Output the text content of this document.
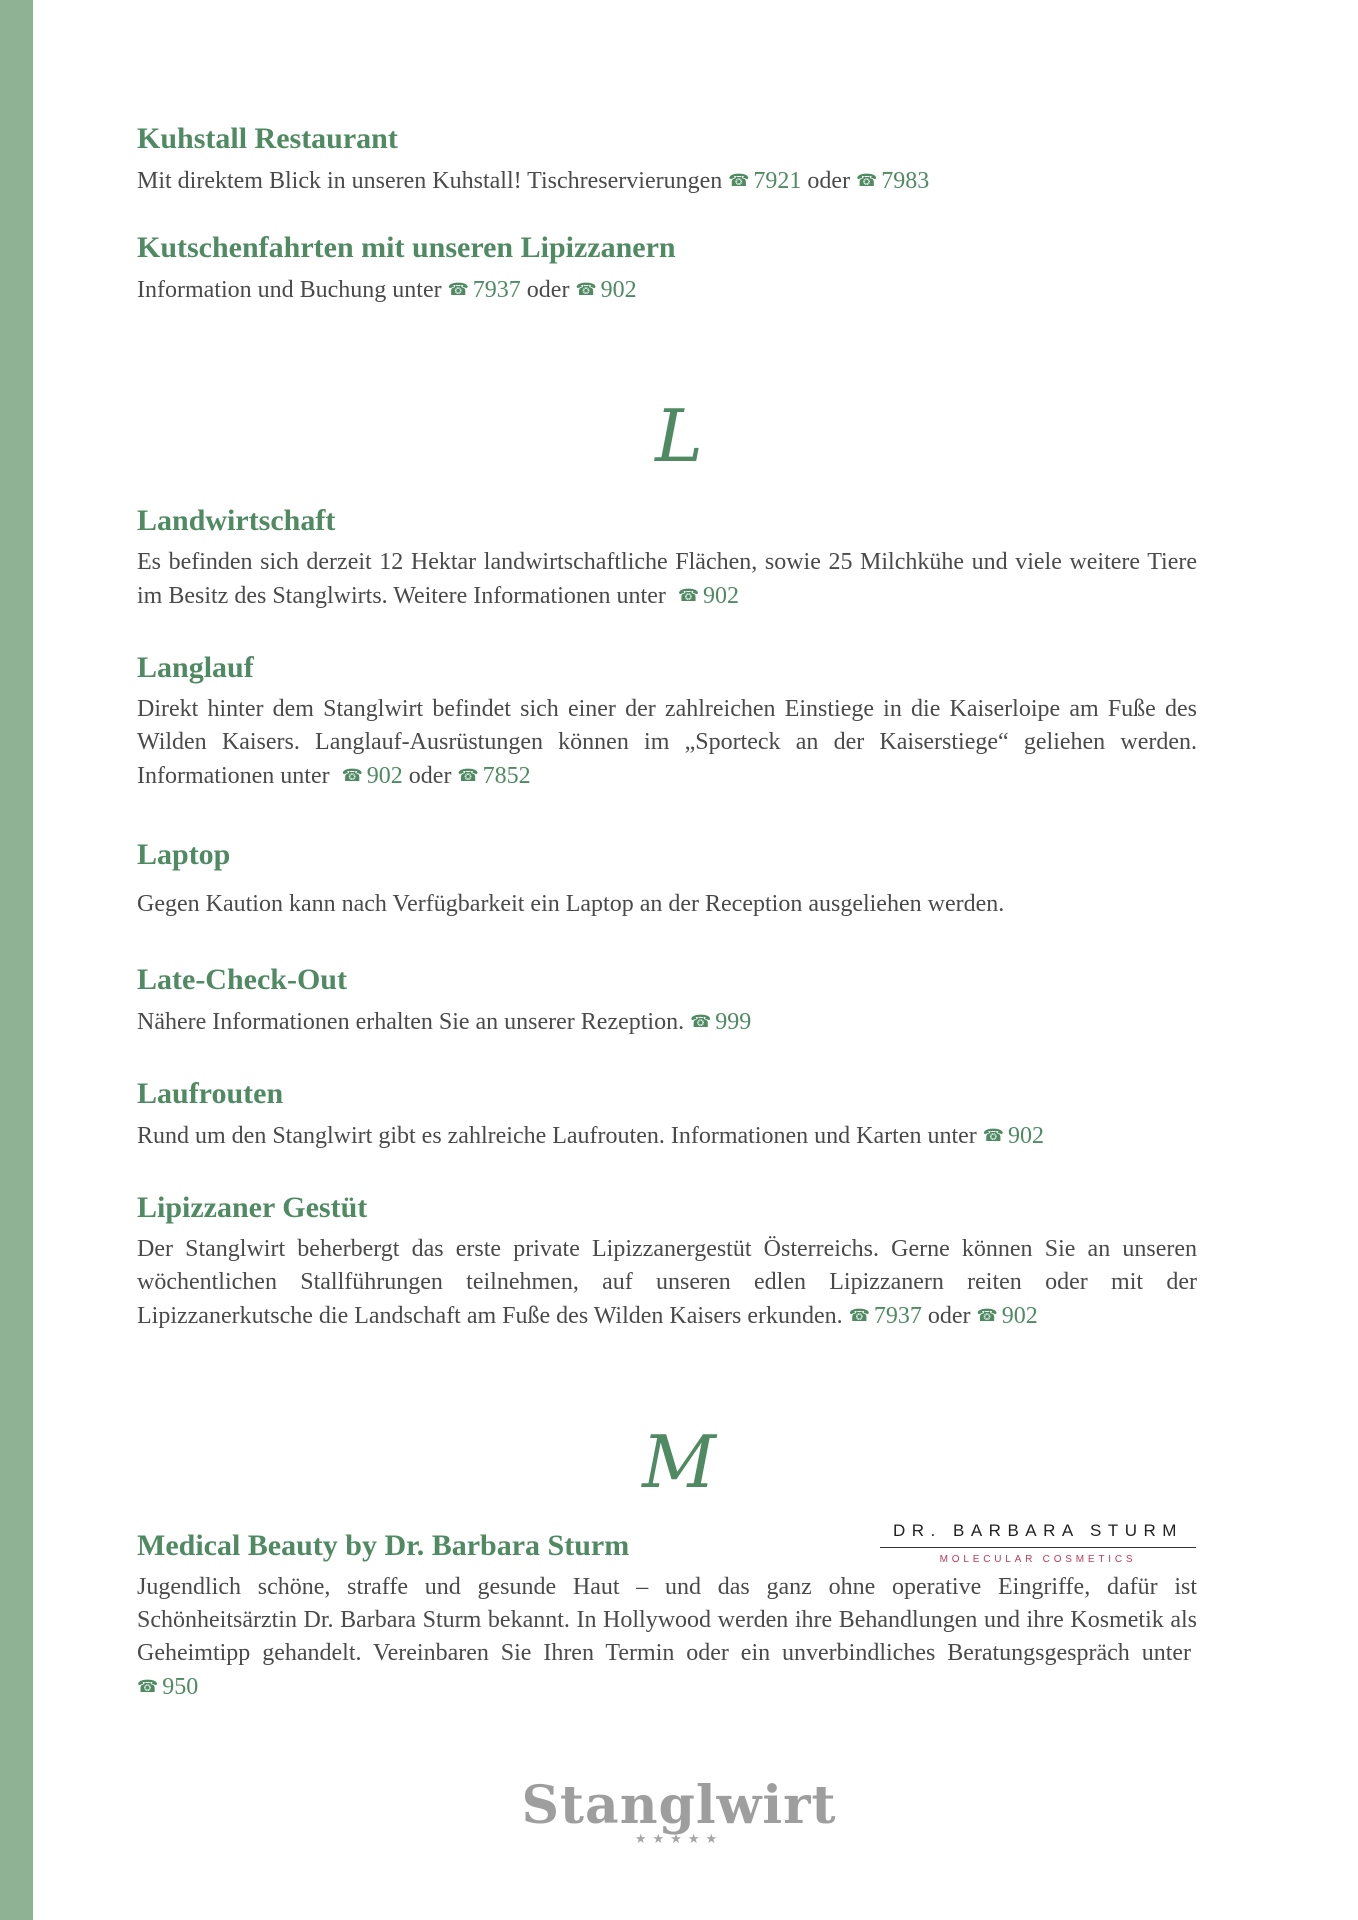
Kuhstall Restaurant

Mit direktem Blick in unseren Kuhstall! Tischreservierungen ☎ 7921 oder ☎ 7983

Kutschenfahrten mit unseren Lipizzanern

Information und Buchung unter ☎ 7937 oder ☎ 902

Landwirtschaft

Es befinden sich derzeit 12 Hektar landwirtschaftliche Flächen, sowie 25 Milchkühe und viele weitere Tiere im Besitz des Stanglwirts. Weitere Informationen unter ☎ 902

Langlauf

Direkt hinter dem Stanglwirt befindet sich einer der zahlreichen Einstiege in die Kaiserloipe am Fuße des Wilden Kaisers. Langlauf-Ausrüstungen können im „Sporteck an der Kaiserstiege“ geliehen werden. Informationen unter ☎ 902 oder ☎ 7852

Laptop

Gegen Kaution kann nach Verfügbarkeit ein Laptop an der Reception ausgeliehen werden.

Late-Check-Out

Nähere Informationen erhalten Sie an unserer Rezeption. ☎ 999

Laufrouten

Rund um den Stanglwirt gibt es zahlreiche Laufrouten. Informationen und Karten unter ☎ 902

Lipizzaner Gestüt

Der Stanglwirt beherbergt das erste private Lipizzanergestüt Österreichs. Gerne können Sie an unseren wöchentlichen Stallführungen teilnehmen, auf unseren edlen Lipizzanern reiten oder mit der Lipizzanerkutsche die Landschaft am Fuße des Wilden Kaisers erkunden. ☎ 7937 oder ☎ 902

Medical Beauty by Dr. Barbara Sturm

Jugendlich schöne, straffe und gesunde Haut – und das ganz ohne operative Eingriffe, dafür ist Schönheitsärztin Dr. Barbara Sturm bekannt. In Hollywood werden ihre Behandlungen und ihre Kosmetik als Geheimtipp gehandelt. Vereinbaren Sie Ihren Termin oder ein unverbindliches Beratungsgespräch unter  ☎ 950

L
M
DR. BARBARA STURM
MOLECULAR COSMETICS
Stanglwirt
★★★★★
